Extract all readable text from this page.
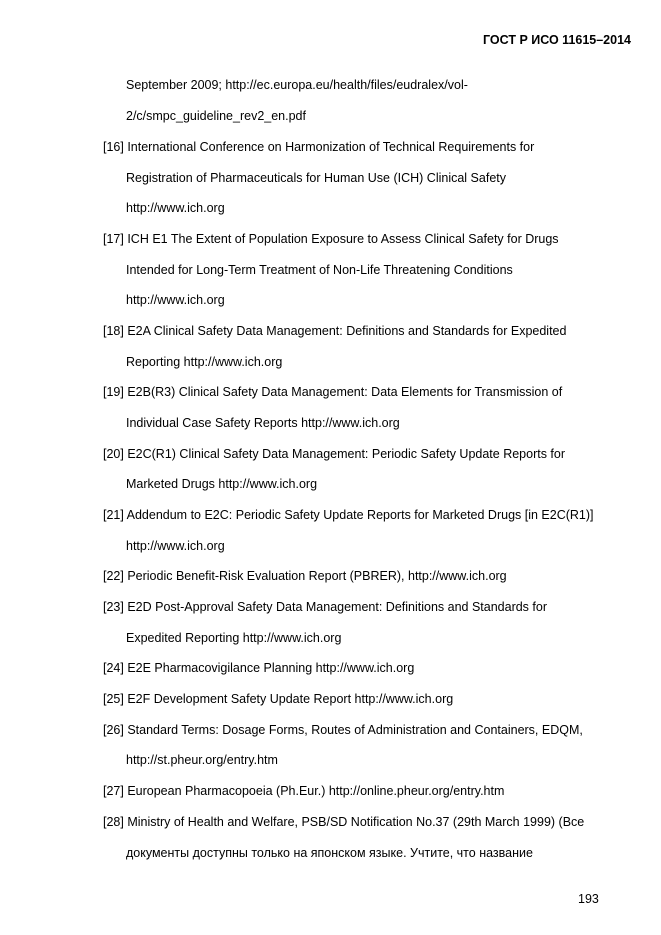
ГОСТ Р ИСО 11615–2014
September 2009; http://ec.europa.eu/health/files/eudralex/vol-
2/c/smpc_guideline_rev2_en.pdf
[16] International Conference on Harmonization of Technical Requirements for
Registration of Pharmaceuticals for Human Use (ICH) Clinical Safety
http://www.ich.org
[17] ICH E1 The Extent of Population Exposure to Assess Clinical Safety for Drugs
Intended for Long-Term Treatment of Non-Life Threatening Conditions
http://www.ich.org
[18] E2A Clinical Safety Data Management: Definitions and Standards for Expedited
Reporting http://www.ich.org
[19] E2B(R3) Clinical Safety Data Management: Data Elements for Transmission of
Individual Case Safety Reports http://www.ich.org
[20] E2C(R1) Clinical Safety Data Management: Periodic Safety Update Reports for
Marketed Drugs http://www.ich.org
[21] Addendum to E2C: Periodic Safety Update Reports for Marketed Drugs [in E2C(R1)]
http://www.ich.org
[22] Periodic Benefit-Risk Evaluation Report (PBRER), http://www.ich.org
[23] E2D Post-Approval Safety Data Management: Definitions and Standards for
Expedited Reporting http://www.ich.org
[24] E2E Pharmacovigilance Planning http://www.ich.org
[25] E2F Development Safety Update Report http://www.ich.org
[26] Standard Terms: Dosage Forms, Routes of Administration and Containers, EDQM,
http://st.pheur.org/entry.htm
[27] European Pharmacopoeia (Ph.Eur.) http://online.pheur.org/entry.htm
[28] Ministry of Health and Welfare, PSB/SD Notification No.37 (29th March 1999) (Все
документы доступны только на японском языке. Учтите, что название
193
